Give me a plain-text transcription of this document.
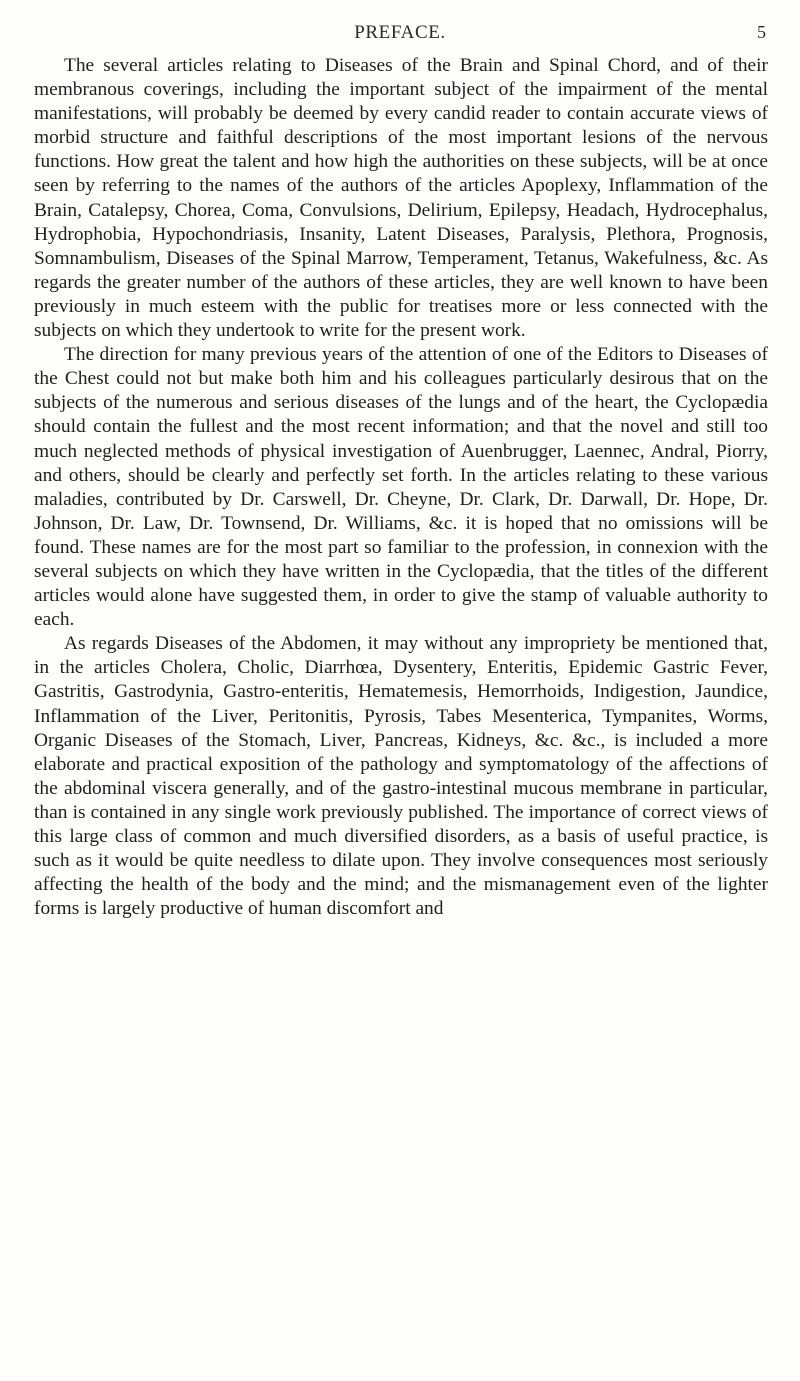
PREFACE.	5

The several articles relating to Diseases of the Brain and Spinal Chord, and of their membranous coverings, including the important subject of the impairment of the mental manifestations, will probably be deemed by every candid reader to contain accurate views of morbid structure and faithful descriptions of the most important lesions of the nervous functions. How great the talent and how high the authorities on these subjects, will be at once seen by referring to the names of the authors of the articles Apoplexy, Inflammation of the Brain, Catalepsy, Chorea, Coma, Convulsions, Delirium, Epilepsy, Headach, Hydrocephalus, Hydrophobia, Hypochondriasis, Insanity, Latent Diseases, Paralysis, Plethora, Prognosis, Somnambulism, Diseases of the Spinal Marrow, Temperament, Tetanus, Wakefulness, &c. As regards the greater number of the authors of these articles, they are well known to have been previously in much esteem with the public for treatises more or less connected with the subjects on which they undertook to write for the present work.

The direction for many previous years of the attention of one of the Editors to Diseases of the Chest could not but make both him and his colleagues particularly desirous that on the subjects of the numerous and serious diseases of the lungs and of the heart, the Cyclopædia should contain the fullest and the most recent information; and that the novel and still too much neglected methods of physical investigation of Auenbrugger, Laennec, Andral, Piorry, and others, should be clearly and perfectly set forth. In the articles relating to these various maladies, contributed by Dr. Carswell, Dr. Cheyne, Dr. Clark, Dr. Darwall, Dr. Hope, Dr. Johnson, Dr. Law, Dr. Townsend, Dr. Williams, &c. it is hoped that no omissions will be found. These names are for the most part so familiar to the profession, in connexion with the several subjects on which they have written in the Cyclopædia, that the titles of the different articles would alone have suggested them, in order to give the stamp of valuable authority to each.

As regards Diseases of the Abdomen, it may without any impropriety be mentioned that, in the articles Cholera, Cholic, Diarrhœa, Dysentery, Enteritis, Epidemic Gastric Fever, Gastritis, Gastrodynia, Gastro-enteritis, Hematemesis, Hemorrhoids, Indigestion, Jaundice, Inflammation of the Liver, Peritonitis, Pyrosis, Tabes Mesenterica, Tympanites, Worms, Organic Diseases of the Stomach, Liver, Pancreas, Kidneys, &c. &c., is included a more elaborate and practical exposition of the pathology and symptomatology of the affections of the abdominal viscera generally, and of the gastro-intestinal mucous membrane in particular, than is contained in any single work previously published. The importance of correct views of this large class of common and much diversified disorders, as a basis of useful practice, is such as it would be quite needless to dilate upon. They involve consequences most seriously affecting the health of the body and the mind; and the mismanagement even of the lighter forms is largely productive of human discomfort and
